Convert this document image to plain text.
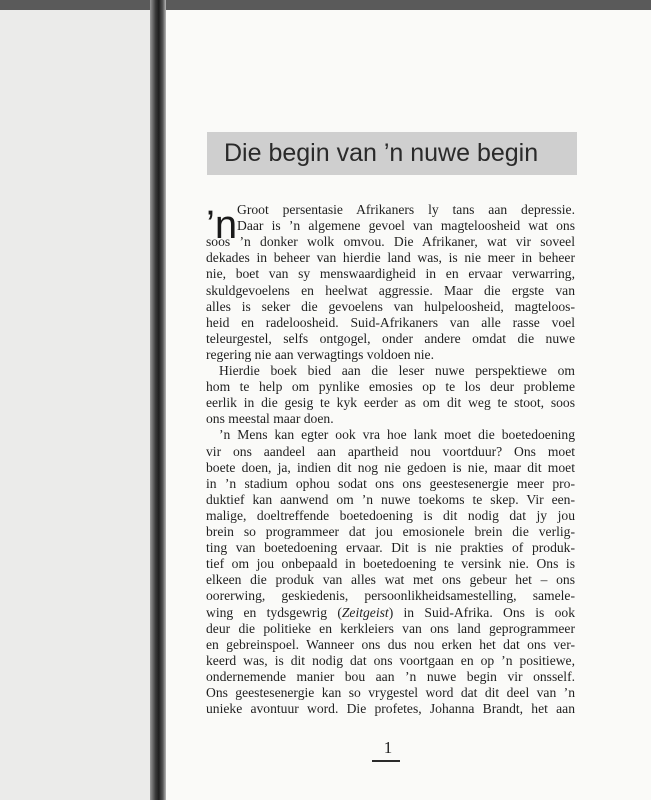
Die begin van ’n nuwe begin
’n Groot persentasie Afrikaners ly tans aan depressie.
Daar is ’n algemene gevoel van magteloosheid wat ons
soos ’n donker wolk omvou. Die Afrikaner, wat vir soveel
dekades in beheer van hierdie land was, is nie meer in beheer
nie, boet van sy menswaardigheid in en ervaar verwarring,
skuldgevoelens en heelwat aggressie. Maar die ergste van
alles is seker die gevoelens van hulpeloosheid, magteloos-
heid en radeloosheid. Suid-Afrikaners van alle rasse voel
teleurgestel, selfs ontgogel, onder andere omdat die nuwe
regering nie aan verwagtings voldoen nie.
Hierdie boek bied aan die leser nuwe perspektiewe om
hom te help om pynlike emosies op te los deur probleme
eerlik in die gesig te kyk eerder as om dit weg te stoot, soos
ons meestal maar doen.
’n Mens kan egter ook vra hoe lank moet die boetedoening
vir ons aandeel aan apartheid nou voortduur? Ons moet
boete doen, ja, indien dit nog nie gedoen is nie, maar dit moet
in ’n stadium ophou sodat ons ons geestesenergie meer pro-
duktief kan aanwend om ’n nuwe toekoms te skep. Vir een-
malige, doeltreffende boetedoening is dit nodig dat jy jou
brein so programmeer dat jou emosionele brein die verlig-
ting van boetedoening ervaar. Dit is nie prakties of produk-
tief om jou onbepaald in boetedoening te versink nie. Ons is
elkeen die produk van alles wat met ons gebeur het – ons
oorerwing, geskiedenis, persoonlikheidsamestelling, samele-
wing en tydsgewrig (Zeitgeist) in Suid-Afrika. Ons is ook
deur die politieke en kerkleiers van ons land geprogrammeer
en gebreinspoel. Wanneer ons dus nou erken het dat ons ver-
keerd was, is dit nodig dat ons voortgaan en op ’n positiewe,
ondernemende manier bou aan ’n nuwe begin vir onsself.
Ons geestesenergie kan so vrygestel word dat dit deel van ’n
1
unieke avontuur word. Die profetes, Johanna Brandt, het aan
